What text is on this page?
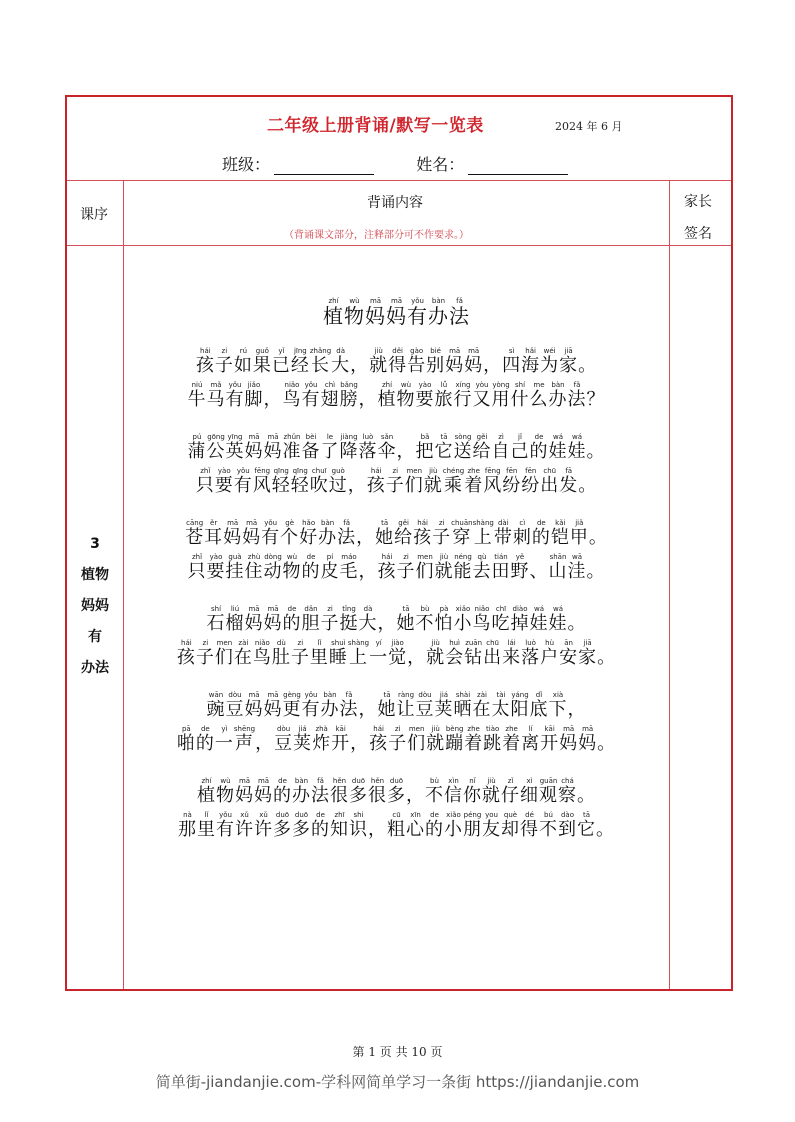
二年级上册背诵/默写一览表	2024 年 6 月
班级：	姓名：
课序
背诵内容
（背诵课文部分，注释部分可不作要求。）
家长
签名
3
植物
妈妈
有
办法
植zhí物wù妈mā妈mā有yǒu办bàn法fǎ
孩hái子zi如rú果guǒ已yǐ经jīng长zhǎng大dà， 就jiù得děi告gào别bié妈mā妈mā， 四sì海hǎi为wéi家jiā。
牛niú马mǎ有yǒu脚jiǎo， 鸟niǎo有yǒu翅chì膀bǎng， 植zhí物wù要yào旅lǚ行xíng又yòu用yòng什shí么me办bàn法fǎ？
蒲pú公gōng英yīng妈mā妈mā准zhǔn备bèi了le降jiàng落luò伞sǎn， 把bǎ它tā送sòng给gěi自zì己jǐ的de娃wá娃wá。
只zhǐ要yào有yǒu风fēng轻qīng轻qīng吹chuī过guò， 孩hái子zi们men就jiù乘chéng着zhe风fēng纷fēn纷fēn出chū发fā。
苍cāng耳ěr妈mā妈mā有yǒu个gè好hǎo办bàn法fǎ， 她tā给gěi孩hái子zi穿chuān上shàng带dài刺cì的de铠kǎi甲jiǎ。
只zhǐ要yào挂guà住zhù动dòng物wù的de皮pí毛máo， 孩hái子zi们men就jiù能néng去qù田tián野yě、 山shān洼wā。
石shí榴liú妈mā妈mā的de胆dǎn子zi挺tǐng大dà， 她tā不bù怕pà小xiǎo鸟niǎo吃chī掉diào娃wá娃wá。
孩hái子zi们men在zài鸟niǎo肚dù子zi里lǐ睡shuì上shàng一yí觉jiào， 就jiù会huì钻zuān出chū来lái落luò户hù安ān家jiā。
豌wān豆dòu妈mā妈mā更gèng有yǒu办bàn法fǎ， 她tā让ràng豆dòu荚jiá晒shài在zài太tài阳yáng底dǐ下xià，
啪pā的de一yì声shēng， 豆dòu荚jiá炸zhà开kāi， 孩hái子zi们men就jiù蹦bèng着zhe跳tiào着zhe离lí开kāi妈mā妈mā。
植zhí物wù妈mā妈mā的de办bàn法fǎ很hěn多duō很hěn多duō， 不bù信xìn你nǐ就jiù仔zǐ细xì观guān察chá。
那nà里lǐ有yǒu许xǔ许xǔ多duō多duō的de知zhī识shi， 粗cū心xīn的de小xiǎo朋péng友you却què得dé不bú到dào它tā。
第 1 页 共 10 页
简单街-jiandanjie.com-学科网简单学习一条街 https://jiandanjie.com
